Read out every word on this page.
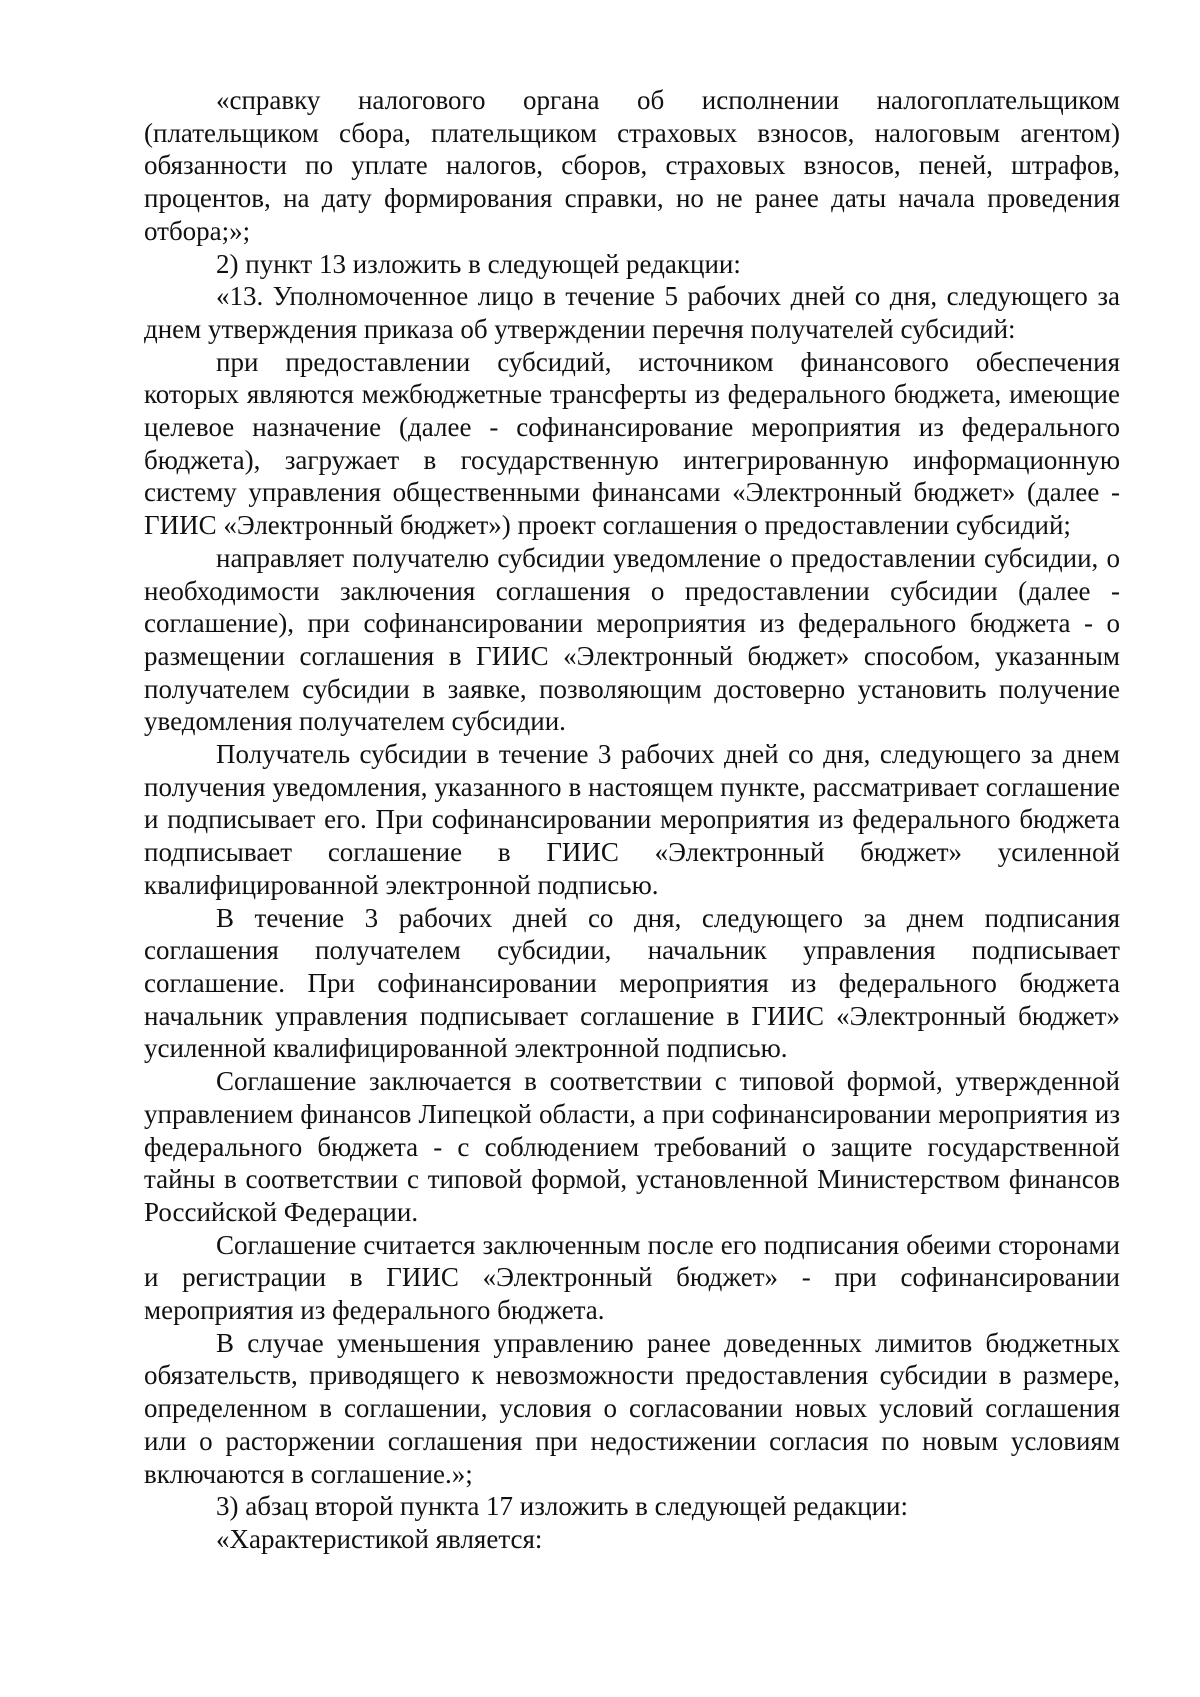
«справку налогового органа об исполнении налогоплательщиком (плательщиком сбора, плательщиком страховых взносов, налоговым агентом) обязанности по уплате налогов, сборов, страховых взносов, пеней, штрафов, процентов, на дату формирования справки, но не ранее даты начала проведения отбора;»;

2) пункт 13 изложить в следующей редакции:

«13. Уполномоченное лицо в течение 5 рабочих дней со дня, следующего за днем утверждения приказа об утверждении перечня получателей субсидий:

при предоставлении субсидий, источником финансового обеспечения которых являются межбюджетные трансферты из федерального бюджета, имеющие целевое назначение (далее - софинансирование мероприятия из федерального бюджета), загружает в государственную интегрированную информационную систему управления общественными финансами «Электронный бюджет» (далее - ГИИС «Электронный бюджет») проект соглашения о предоставлении субсидий;

направляет получателю субсидии уведомление о предоставлении субсидии, о необходимости заключения соглашения о предоставлении субсидии (далее - соглашение), при софинансировании мероприятия из федерального бюджета - о размещении соглашения в ГИИС «Электронный бюджет» способом, указанным получателем субсидии в заявке, позволяющим достоверно установить получение уведомления получателем субсидии.

Получатель субсидии в течение 3 рабочих дней со дня, следующего за днем получения уведомления, указанного в настоящем пункте, рассматривает соглашение и подписывает его. При софинансировании мероприятия из федерального бюджета подписывает соглашение в ГИИС «Электронный бюджет» усиленной квалифицированной электронной подписью.

В течение 3 рабочих дней со дня, следующего за днем подписания соглашения получателем субсидии, начальник управления подписывает соглашение. При софинансировании мероприятия из федерального бюджета начальник управления подписывает соглашение в ГИИС «Электронный бюджет» усиленной квалифицированной электронной подписью.

Соглашение заключается в соответствии с типовой формой, утвержденной управлением финансов Липецкой области, а при софинансировании мероприятия из федерального бюджета - с соблюдением требований о защите государственной тайны в соответствии с типовой формой, установленной Министерством финансов Российской Федерации.

Соглашение считается заключенным после его подписания обеими сторонами и регистрации в ГИИС «Электронный бюджет» - при софинансировании мероприятия из федерального бюджета.

В случае уменьшения управлению ранее доведенных лимитов бюджетных обязательств, приводящего к невозможности предоставления субсидии в размере, определенном в соглашении, условия о согласовании новых условий соглашения или о расторжении соглашения при недостижении согласия по новым условиям включаются в соглашение.»;

3) абзац второй пункта 17 изложить в следующей редакции:

«Характеристикой является:
